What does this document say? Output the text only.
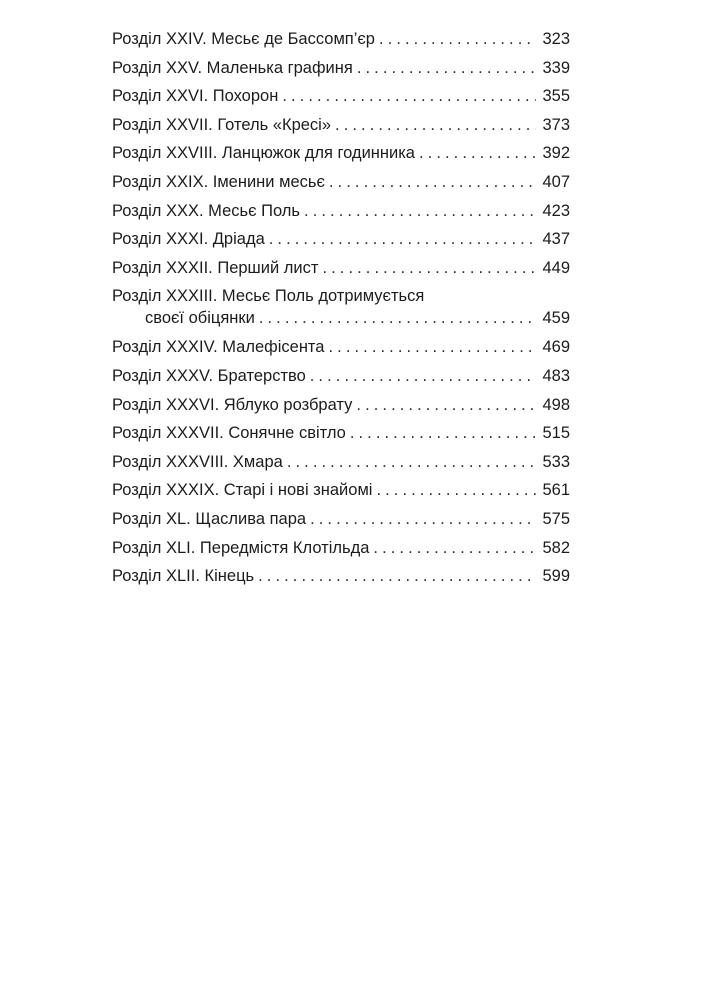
Розділ XXIV. Месьє де Бассомп’єр . . .	323
Розділ XXV. Маленька графиня . . .	339
Розділ XXVI. Похорон . . .	355
Розділ XXVII. Готель «Кресі» . . .	373
Розділ XXVIII. Ланцюжок для годинника . . .	392
Розділ XXIX. Іменини месьє . . .	407
Розділ XXX. Месьє Поль . . .	423
Розділ XXXI. Дріада . . .	437
Розділ XXXII. Перший лист . . .	449
Розділ XXXIII. Месьє Поль дотримується
своєї обіцянки . . .	459
Розділ XXXIV. Малефісента . . .	469
Розділ XXXV. Братерство . . .	483
Розділ XXXVI. Яблуко розбрату . . .	498
Розділ XXXVII. Сонячне світло . . .	515
Розділ XXXVIII. Хмара . . .	533
Розділ XXXIX. Старі і нові знайомі . . .	561
Розділ XL. Щаслива пара . . .	575
Розділ XLI. Передмістя Клотільда . . .	582
Розділ XLII. Кінець . . .	599
